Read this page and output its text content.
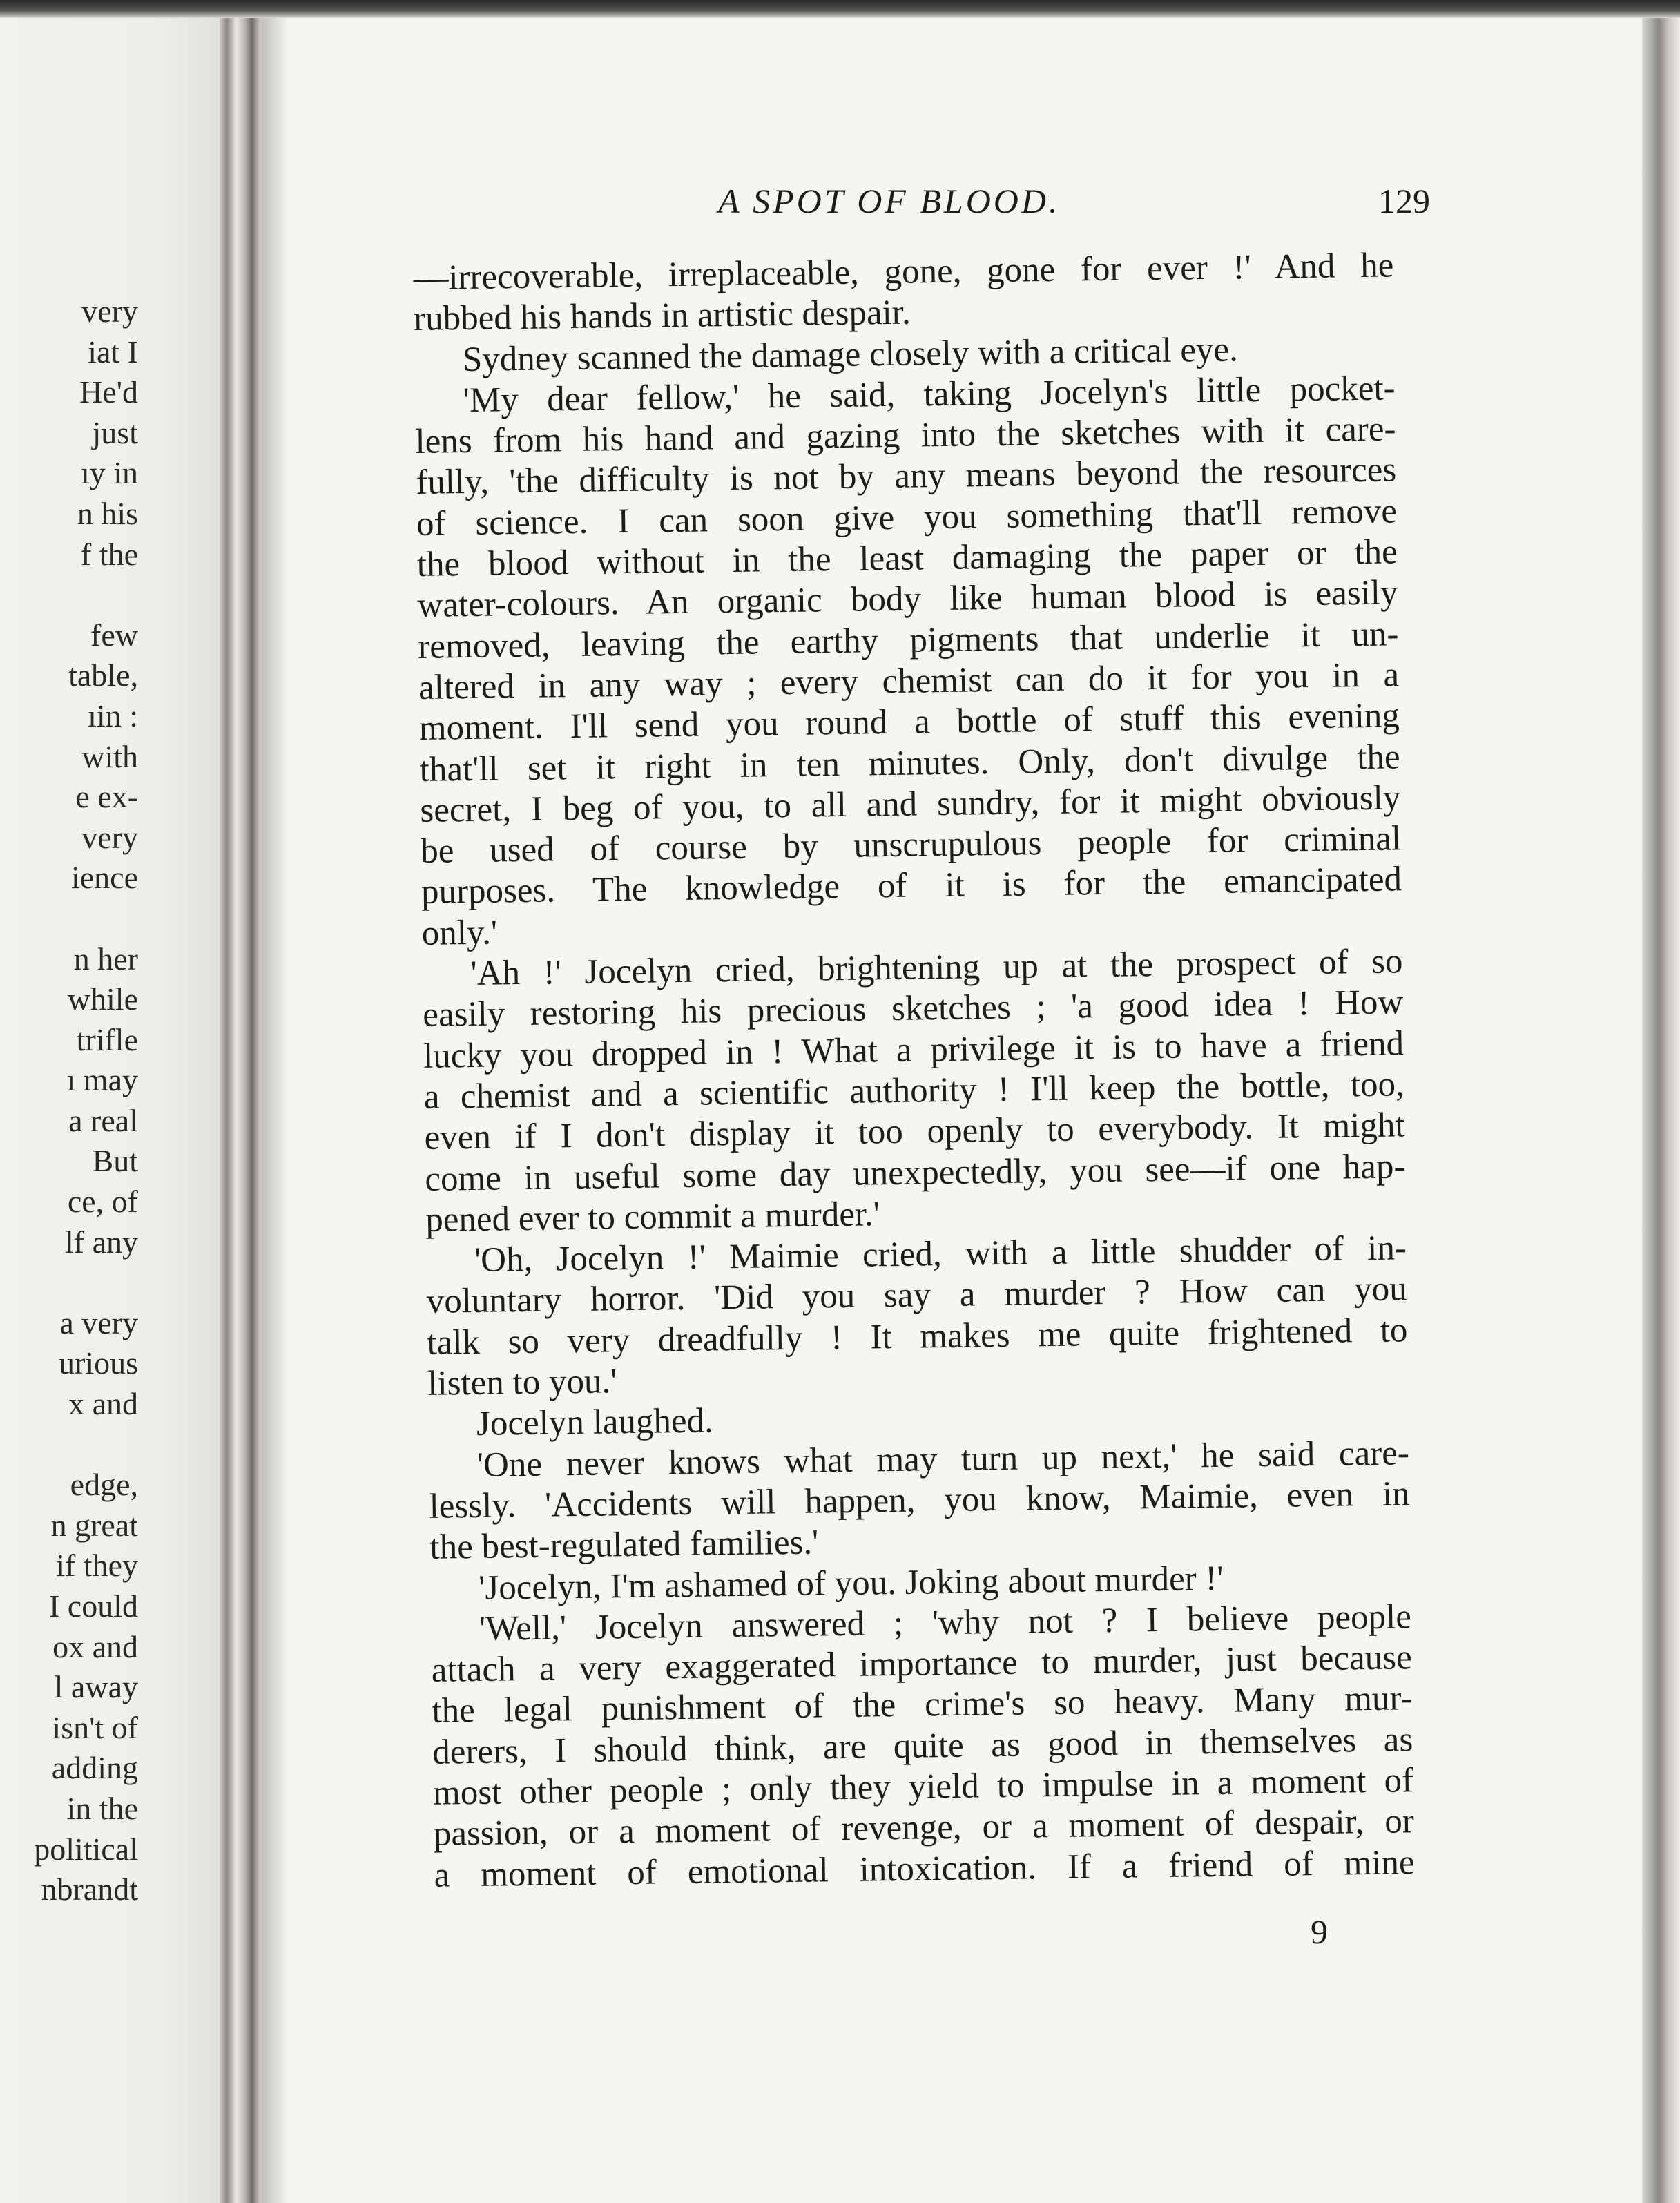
very
iat I
He'd
just
ıy in
n his
f the
few
table,
ıin :
with
e ex-
very
ience
n her
while
trifle
ı may
a real
But
ce, of
lf any
a very
urious
x and
edge,
n great
if they
I could
ox and
l away
isn't of
adding
in the
political
nbrandt
A SPOT OF BLOOD.	129
—irrecoverable, irreplaceable, gone, gone for ever !' And he
rubbed his hands in artistic despair.
Sydney scanned the damage closely with a critical eye.
'My dear fellow,' he said, taking Jocelyn's little pocket-
lens from his hand and gazing into the sketches with it care-
fully, 'the difficulty is not by any means beyond the resources
of science. I can soon give you something that'll remove
the blood without in the least damaging the paper or the
water-colours. An organic body like human blood is easily
removed, leaving the earthy pigments that underlie it un-
altered in any way ; every chemist can do it for you in a
moment. I'll send you round a bottle of stuff this evening
that'll set it right in ten minutes. Only, don't divulge the
secret, I beg of you, to all and sundry, for it might obviously
be used of course by unscrupulous people for criminal
purposes. The knowledge of it is for the emancipated
only.'
'Ah !' Jocelyn cried, brightening up at the prospect of so
easily restoring his precious sketches ; 'a good idea ! How
lucky you dropped in ! What a privilege it is to have a friend
a chemist and a scientific authority ! I'll keep the bottle, too,
even if I don't display it too openly to everybody. It might
come in useful some day unexpectedly, you see—if one hap-
pened ever to commit a murder.'
'Oh, Jocelyn !' Maimie cried, with a little shudder of in-
voluntary horror. 'Did you say a murder ? How can you
talk so very dreadfully ! It makes me quite frightened to
listen to you.'
Jocelyn laughed.
'One never knows what may turn up next,' he said care-
lessly. 'Accidents will happen, you know, Maimie, even in
the best-regulated families.'
'Jocelyn, I'm ashamed of you. Joking about murder !'
'Well,' Jocelyn answered ; 'why not ? I believe people
attach a very exaggerated importance to murder, just because
the legal punishment of the crime's so heavy. Many mur-
derers, I should think, are quite as good in themselves as
most other people ; only they yield to impulse in a moment of
passion, or a moment of revenge, or a moment of despair, or
a moment of emotional intoxication. If a friend of mine
9
